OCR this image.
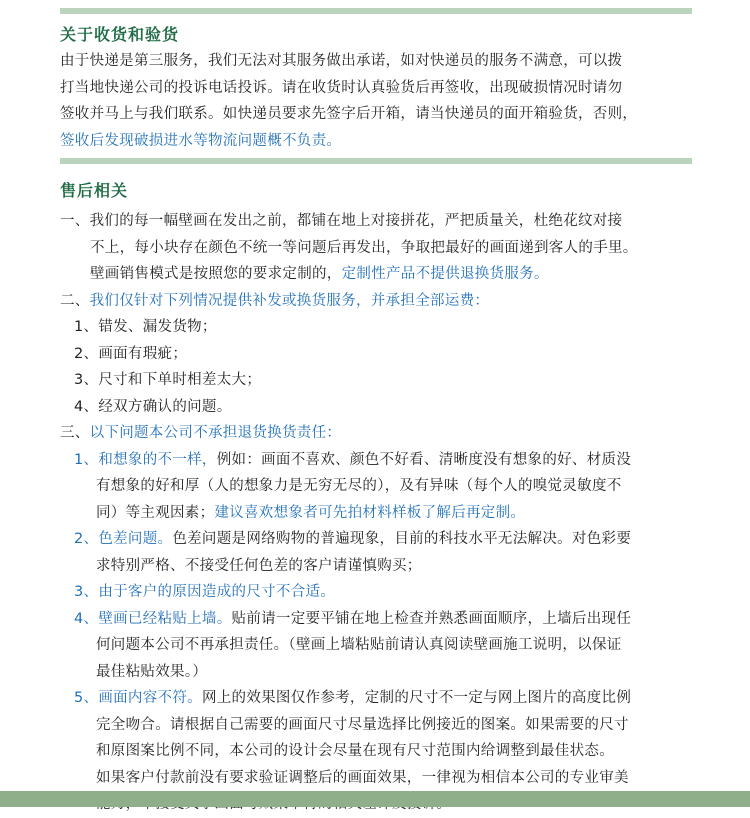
关于收货和验货
由于快递是第三服务，我们无法对其服务做出承诺，如对快递员的服务不满意，可以拨
打当地快递公司的投诉电话投诉。请在收货时认真验货后再签收，出现破损情况时请勿
签收并马上与我们联系。如快递员要求先签字后开箱，请当快递员的面开箱验货，否则，
签收后发现破损进水等物流问题概不负责。
售后相关
一、我们的每一幅壁画在发出之前，都铺在地上对接拼花，严把质量关，杜绝花纹对接
不上，每小块存在颜色不统一等问题后再发出，争取把最好的画面递到客人的手里。
壁画销售模式是按照您的要求定制的，定制性产品不提供退换货服务。
二、我们仅针对下列情况提供补发或换货服务，并承担全部运费：
1、错发、漏发货物；
2、画面有瑕疵；
3、尺寸和下单时相差太大；
4、经双方确认的问题。
三、以下问题本公司不承担退货换货责任：
1、和想象的不一样，例如：画面不喜欢、颜色不好看、清晰度没有想象的好、材质没
有想象的好和厚（人的想象力是无穷无尽的），及有异味（每个人的嗅觉灵敏度不
同）等主观因素；建议喜欢想象者可先拍材料样板了解后再定制。
2、色差问题。色差问题是网络购物的普遍现象，目前的科技水平无法解决。对色彩要
求特别严格、不接受任何色差的客户请谨慎购买；
3、由于客户的原因造成的尺寸不合适。
4、壁画已经粘贴上墙。贴前请一定要平铺在地上检查并熟悉画面顺序，上墙后出现任
何问题本公司不再承担责任。（壁画上墙粘贴前请认真阅读壁画施工说明，以保证
最佳粘贴效果。）
5、画面内容不符。网上的效果图仅作参考，定制的尺寸不一定与网上图片的高度比例
完全吻合。请根据自己需要的画面尺寸尽量选择比例接近的图案。如果需要的尺寸
和原图案比例不同，本公司的设计会尽量在现有尺寸范围内给调整到最佳状态。
如果客户付款前没有要求验证调整后的画面效果，一律视为相信本公司的专业审美
